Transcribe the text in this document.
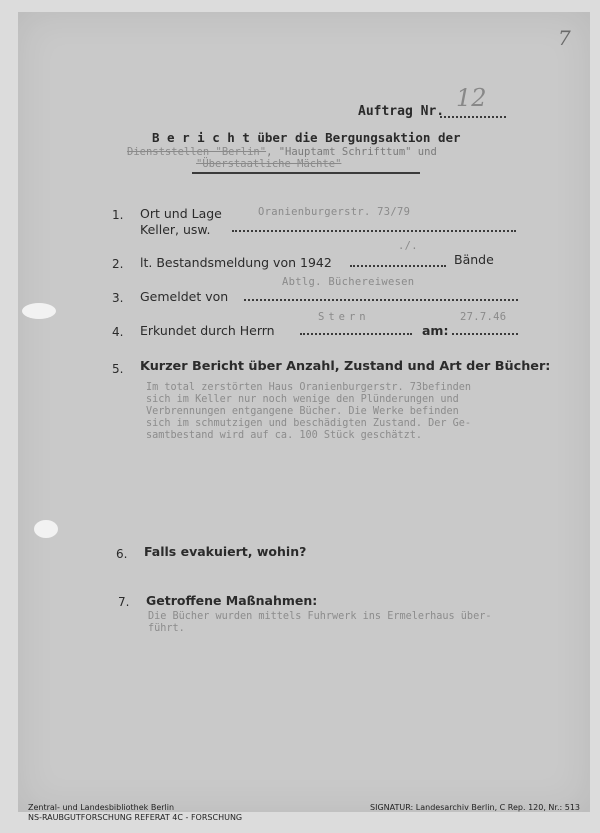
7
Auftrag Nr. 12
B e r i c h t über die Bergungsaktion der
Dienststellen "Berlin", "Hauptamt Schrifttum" und
"Überstaatliche Mächte"
1. Ort und Lage
Keller, usw.
Oranienburgerstr. 73/79
2. lt. Bestandsmeldung von 1942
./.
Bände
3. Gemeldet von
Abtlg. Büchereiwesen
4. Erkundet durch Herrn
Stern
am:
27.7.46
5. Kurzer Bericht über Anzahl, Zustand und Art der Bücher:
Im total zerstörten Haus Oranienburgerstr. 73befinden
sich im Keller nur noch wenige den Plünderungen und
Verbrennungen entgangene Bücher. Die Werke befinden
sich im schmutzigen und beschädigten Zustand. Der Ge-
samtbestand wird auf ca. 100 Stück geschätzt.
6. Falls evakuiert, wohin?
7. Getroffene Maßnahmen:
Die Bücher wurden mittels Fuhrwerk ins Ermelerhaus über-
führt.
Zentral- und Landesbibliothek Berlin
NS-RAUBGUTFORSCHUNG REFERAT 4C - FORSCHUNG
SIGNATUR: Landesarchiv Berlin, C Rep. 120, Nr.: 513
